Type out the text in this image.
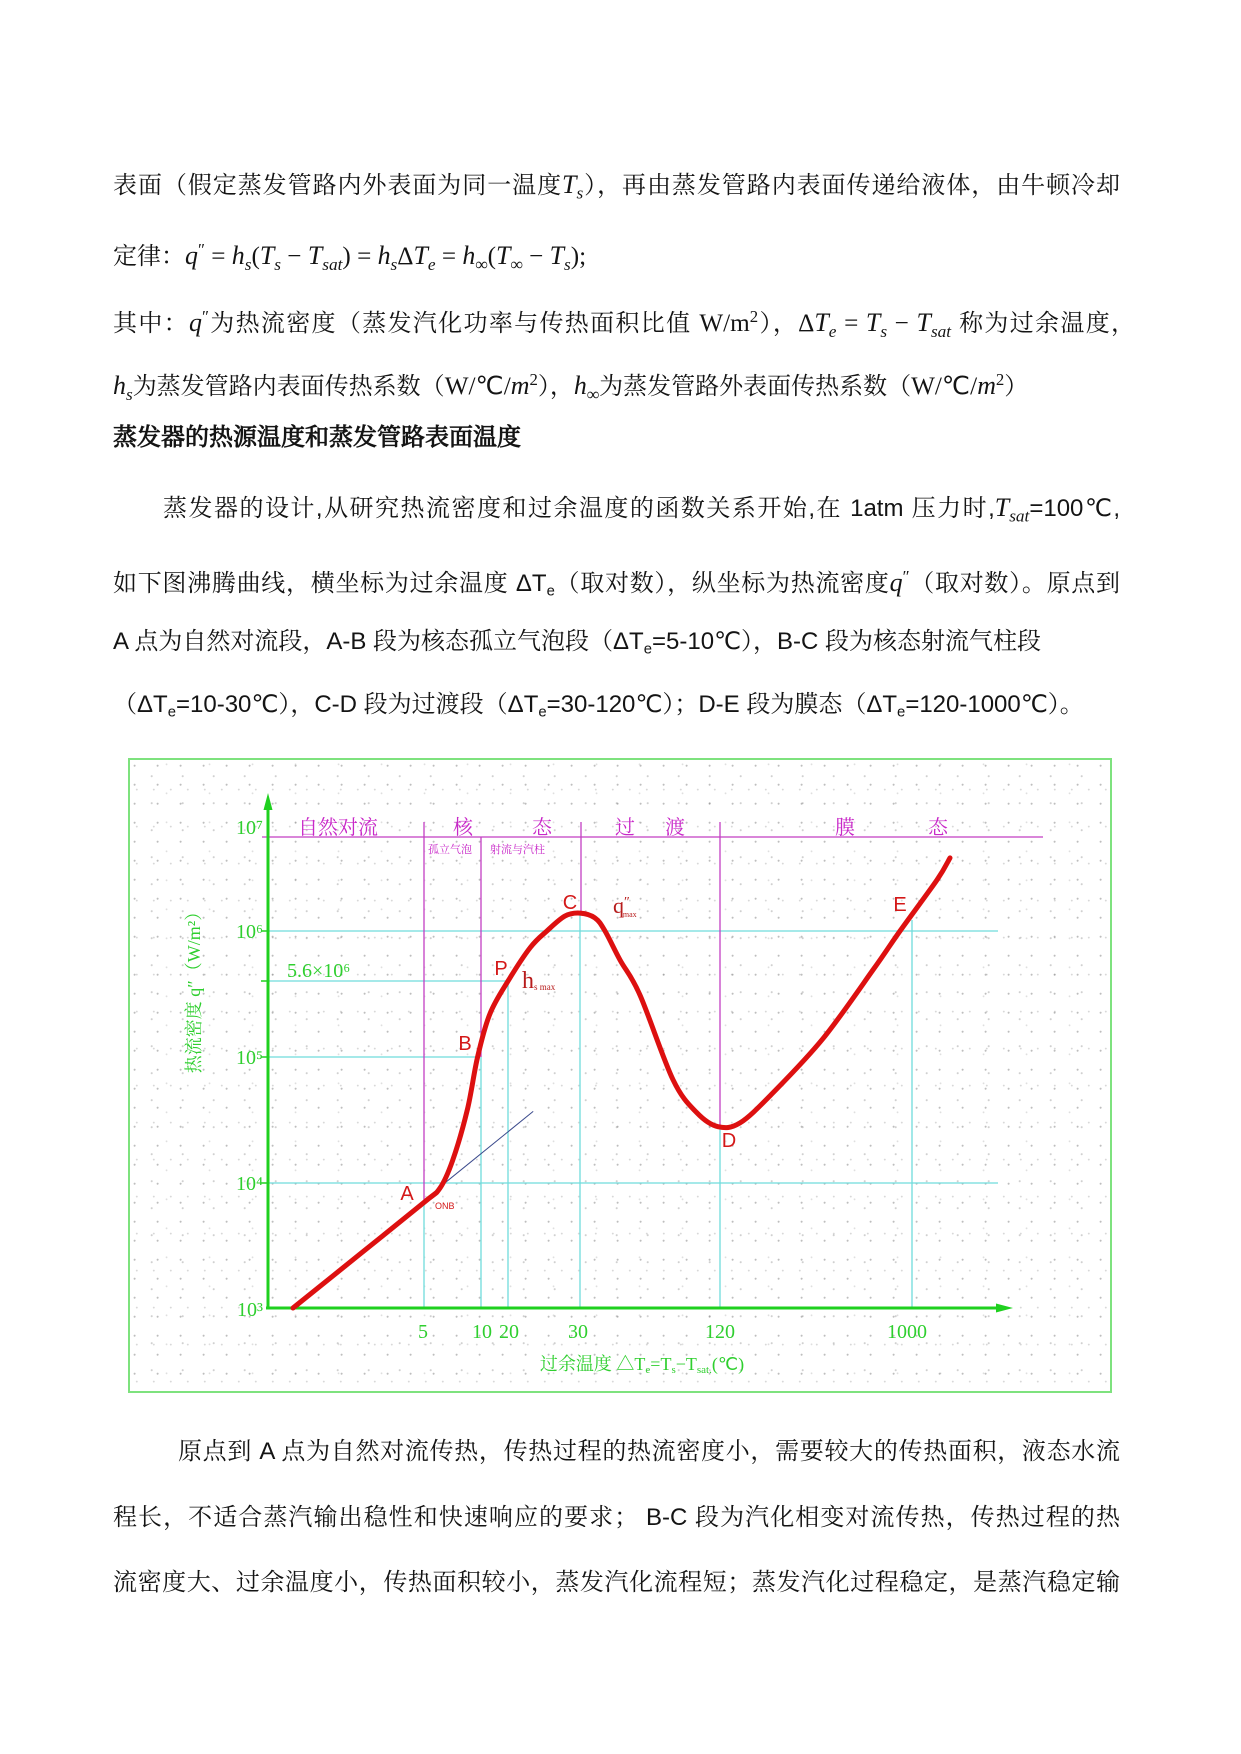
表面（假定蒸发管路内外表面为同一温度$T_s$），再由蒸发管路内表面传递给液体，由牛顿冷却
定律：$q'' = h_s(T_s - T_{sat}) = h_s\Delta T_e = h_\infty(T_\infty - T_s)$;
其中：q″为热流密度（蒸发汽化功率与传热面积比值 $W/m^2$），$\Delta T_e = T_s - T_{sat}$ 称为过余温度，
$h_s$为蒸发管路内表面传热系数$(W/℃/m^2)$，$h_\infty$为蒸发管路外表面传热系数$(W/℃/m^2)$
蒸发器的热源温度和蒸发管路表面温度
蒸发器的设计,从研究热流密度和过余温度的函数关系开始,在 1atm 压力时$,T_{sat}=100℃$,
如下图沸腾曲线，横坐标为过余温度 ΔTe（取对数），纵坐标为热流密度q″（取对数）。原点到
A 点为自然对流段，A-B 段为核态孤立气泡段（ΔTe=5-10℃），B-C 段为核态射流气柱段
（ΔTe=10-30℃），C-D 段为过渡段（ΔTe=30-120℃）；D-E 段为膜态（ΔTe=120-1000℃）。
10⁷
10⁶
10⁵
10⁴
10³
5.6×10⁶
热流密度 q″（W/m²）
5 10 20 30	120	1000
过余温度 △Te=Ts−Tsat.(℃)
自然对流	核	态	过 渡	膜	态
孤立气泡 射流与汽柱
A
ONB
B
P
C
D
E
q″ max
hs max
原点到 A 点为自然对流传热，传热过程的热流密度小，需要较大的传热面积，液态水流
程长，不适合蒸汽输出稳性和快速响应的要求； B-C 段为汽化相变对流传热，传热过程的热
流密度大、过余温度小，传热面积较小，蒸发汽化流程短；蒸发汽化过程稳定，是蒸汽稳定输
